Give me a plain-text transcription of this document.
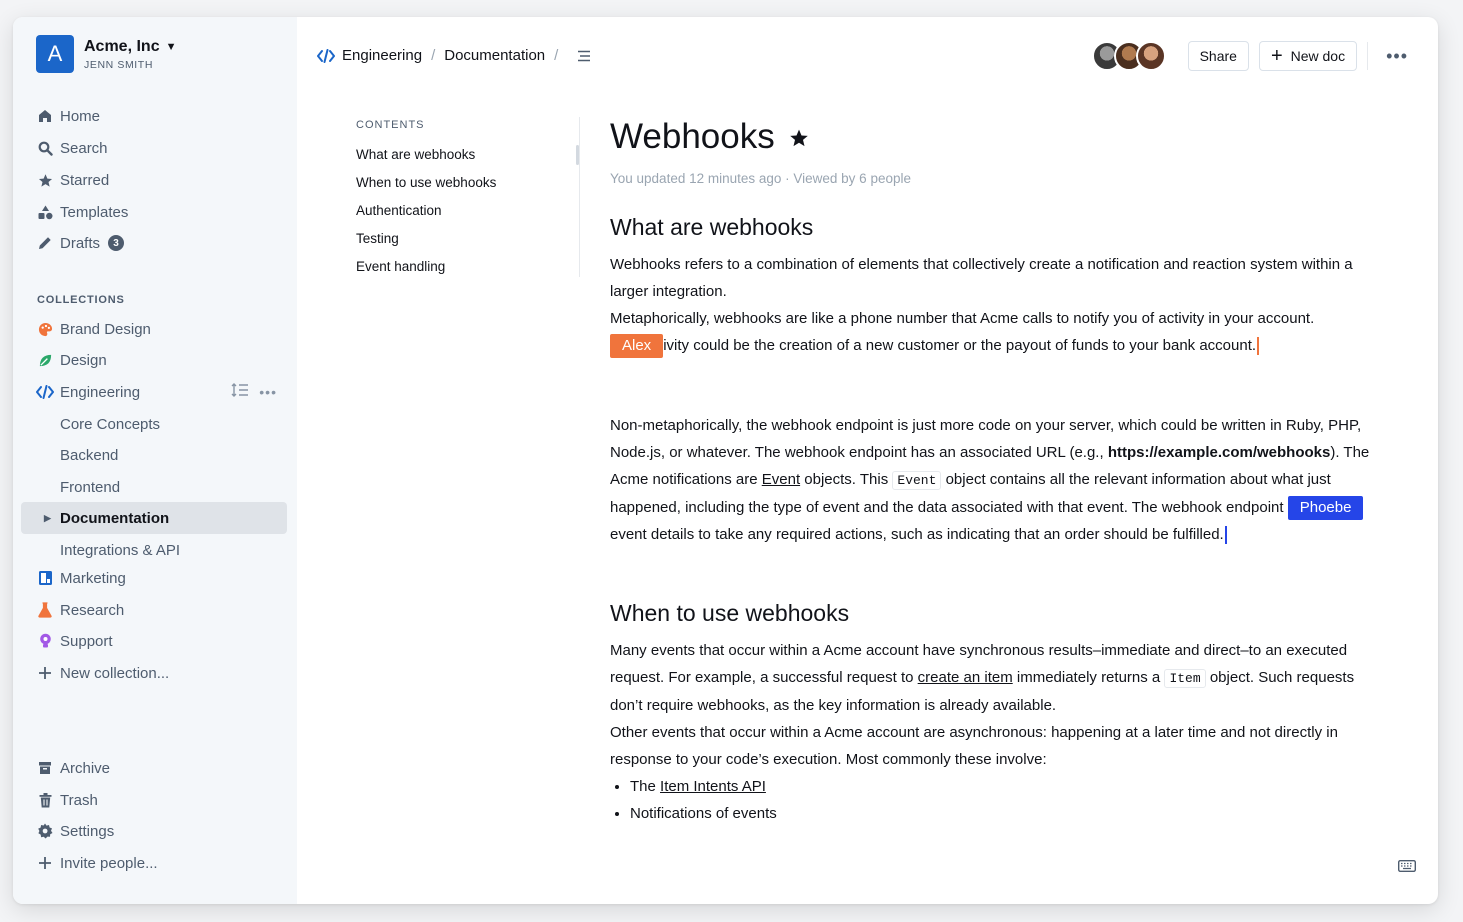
A	Acme, Inc ▼
JENN SMITH
Home
Search
Starred
Templates
Drafts	3
COLLECTIONS
Brand Design
Design
Engineering	•••
Core Concepts
Backend
Frontend
▶ Documentation
Integrations & API
Marketing
Research
Support
New collection...
Archive
Trash
Settings
Invite people...
Engineering / Documentation /	Share + New doc •••
CONTENTS
What are webhooks
When to use webhooks
Authentication
Testing
Event handling
Webhooks
You updated 12 minutes ago · Viewed by 6 people
What are webhooks
Webhooks refers to a combination of elements that collectively create a notification and reaction system within a larger integration.
Metaphorically, webhooks are like a phone number that Acme calls to notify you of activity in your account. Alex ivity could be the creation of a new customer or the payout of funds to your bank account.
Non-metaphorically, the webhook endpoint is just more code on your server, which could be written in Ruby, PHP, Node.js, or whatever. The webhook endpoint has an associated URL (e.g., https://example.com/webhooks). The Acme notifications are Event objects. This Event object contains all the relevant information about what just happened, including the type of event and the data associated with that event. The webhook endpoint Phoebeevent details to take any required actions, such as indicating that an order should be fulfilled.
When to use webhooks
Many events that occur within a Acme account have synchronous results–immediate and direct–to an executed request. For example, a successful request to create an item immediately returns a Item object. Such requests don’t require webhooks, as the key information is already available.
Other events that occur within a Acme account are asynchronous: happening at a later time and not directly in response to your code’s execution. Most commonly these involve:
• The Item Intents API
• Notifications of events
